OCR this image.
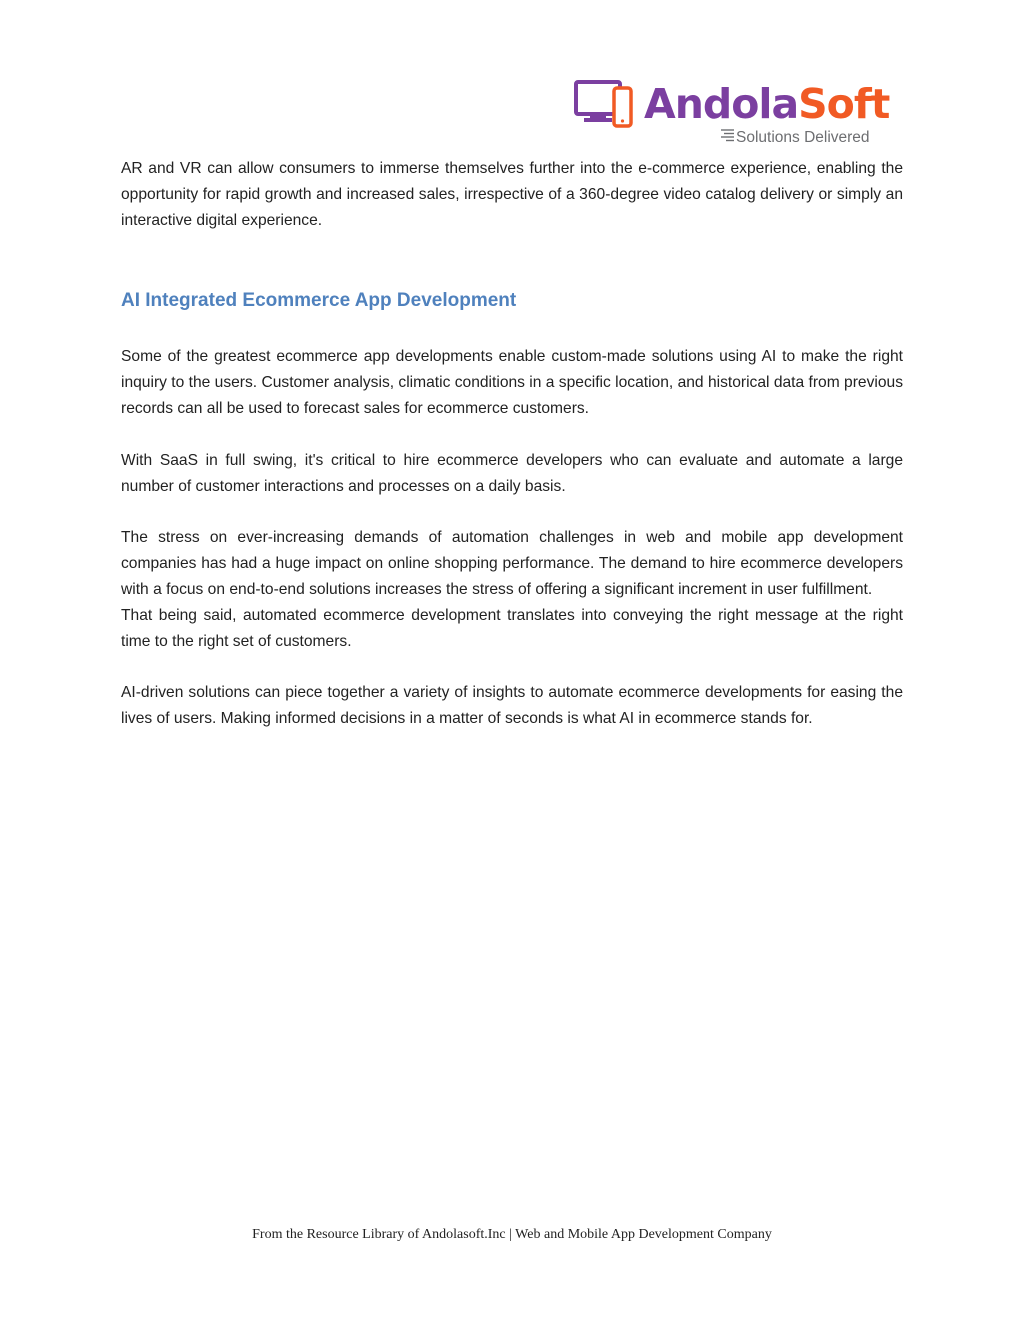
AndolaSoft
Solutions Delivered

AR and VR can allow consumers to immerse themselves further into the e-commerce experience, enabling the opportunity for rapid growth and increased sales, irrespective of a 360-degree video catalog delivery or simply an interactive digital experience.

AI Integrated Ecommerce App Development

Some of the greatest ecommerce app developments enable custom-made solutions using AI to make the right inquiry to the users. Customer analysis, climatic conditions in a specific location, and historical data from previous records can all be used to forecast sales for ecommerce customers.

With SaaS in full swing, it's critical to hire ecommerce developers who can evaluate and automate a large number of customer interactions and processes on a daily basis.

The stress on ever-increasing demands of automation challenges in web and mobile app development companies has had a huge impact on online shopping performance. The demand to hire ecommerce developers with a focus on end-to-end solutions increases the stress of offering a significant increment in user fulfillment.

That being said, automated ecommerce development translates into conveying the right message at the right time to the right set of customers.

AI-driven solutions can piece together a variety of insights to automate ecommerce developments for easing the lives of users. Making informed decisions in a matter of seconds is what AI in ecommerce stands for.

From the Resource Library of Andolasoft.Inc | Web and Mobile App Development Company
